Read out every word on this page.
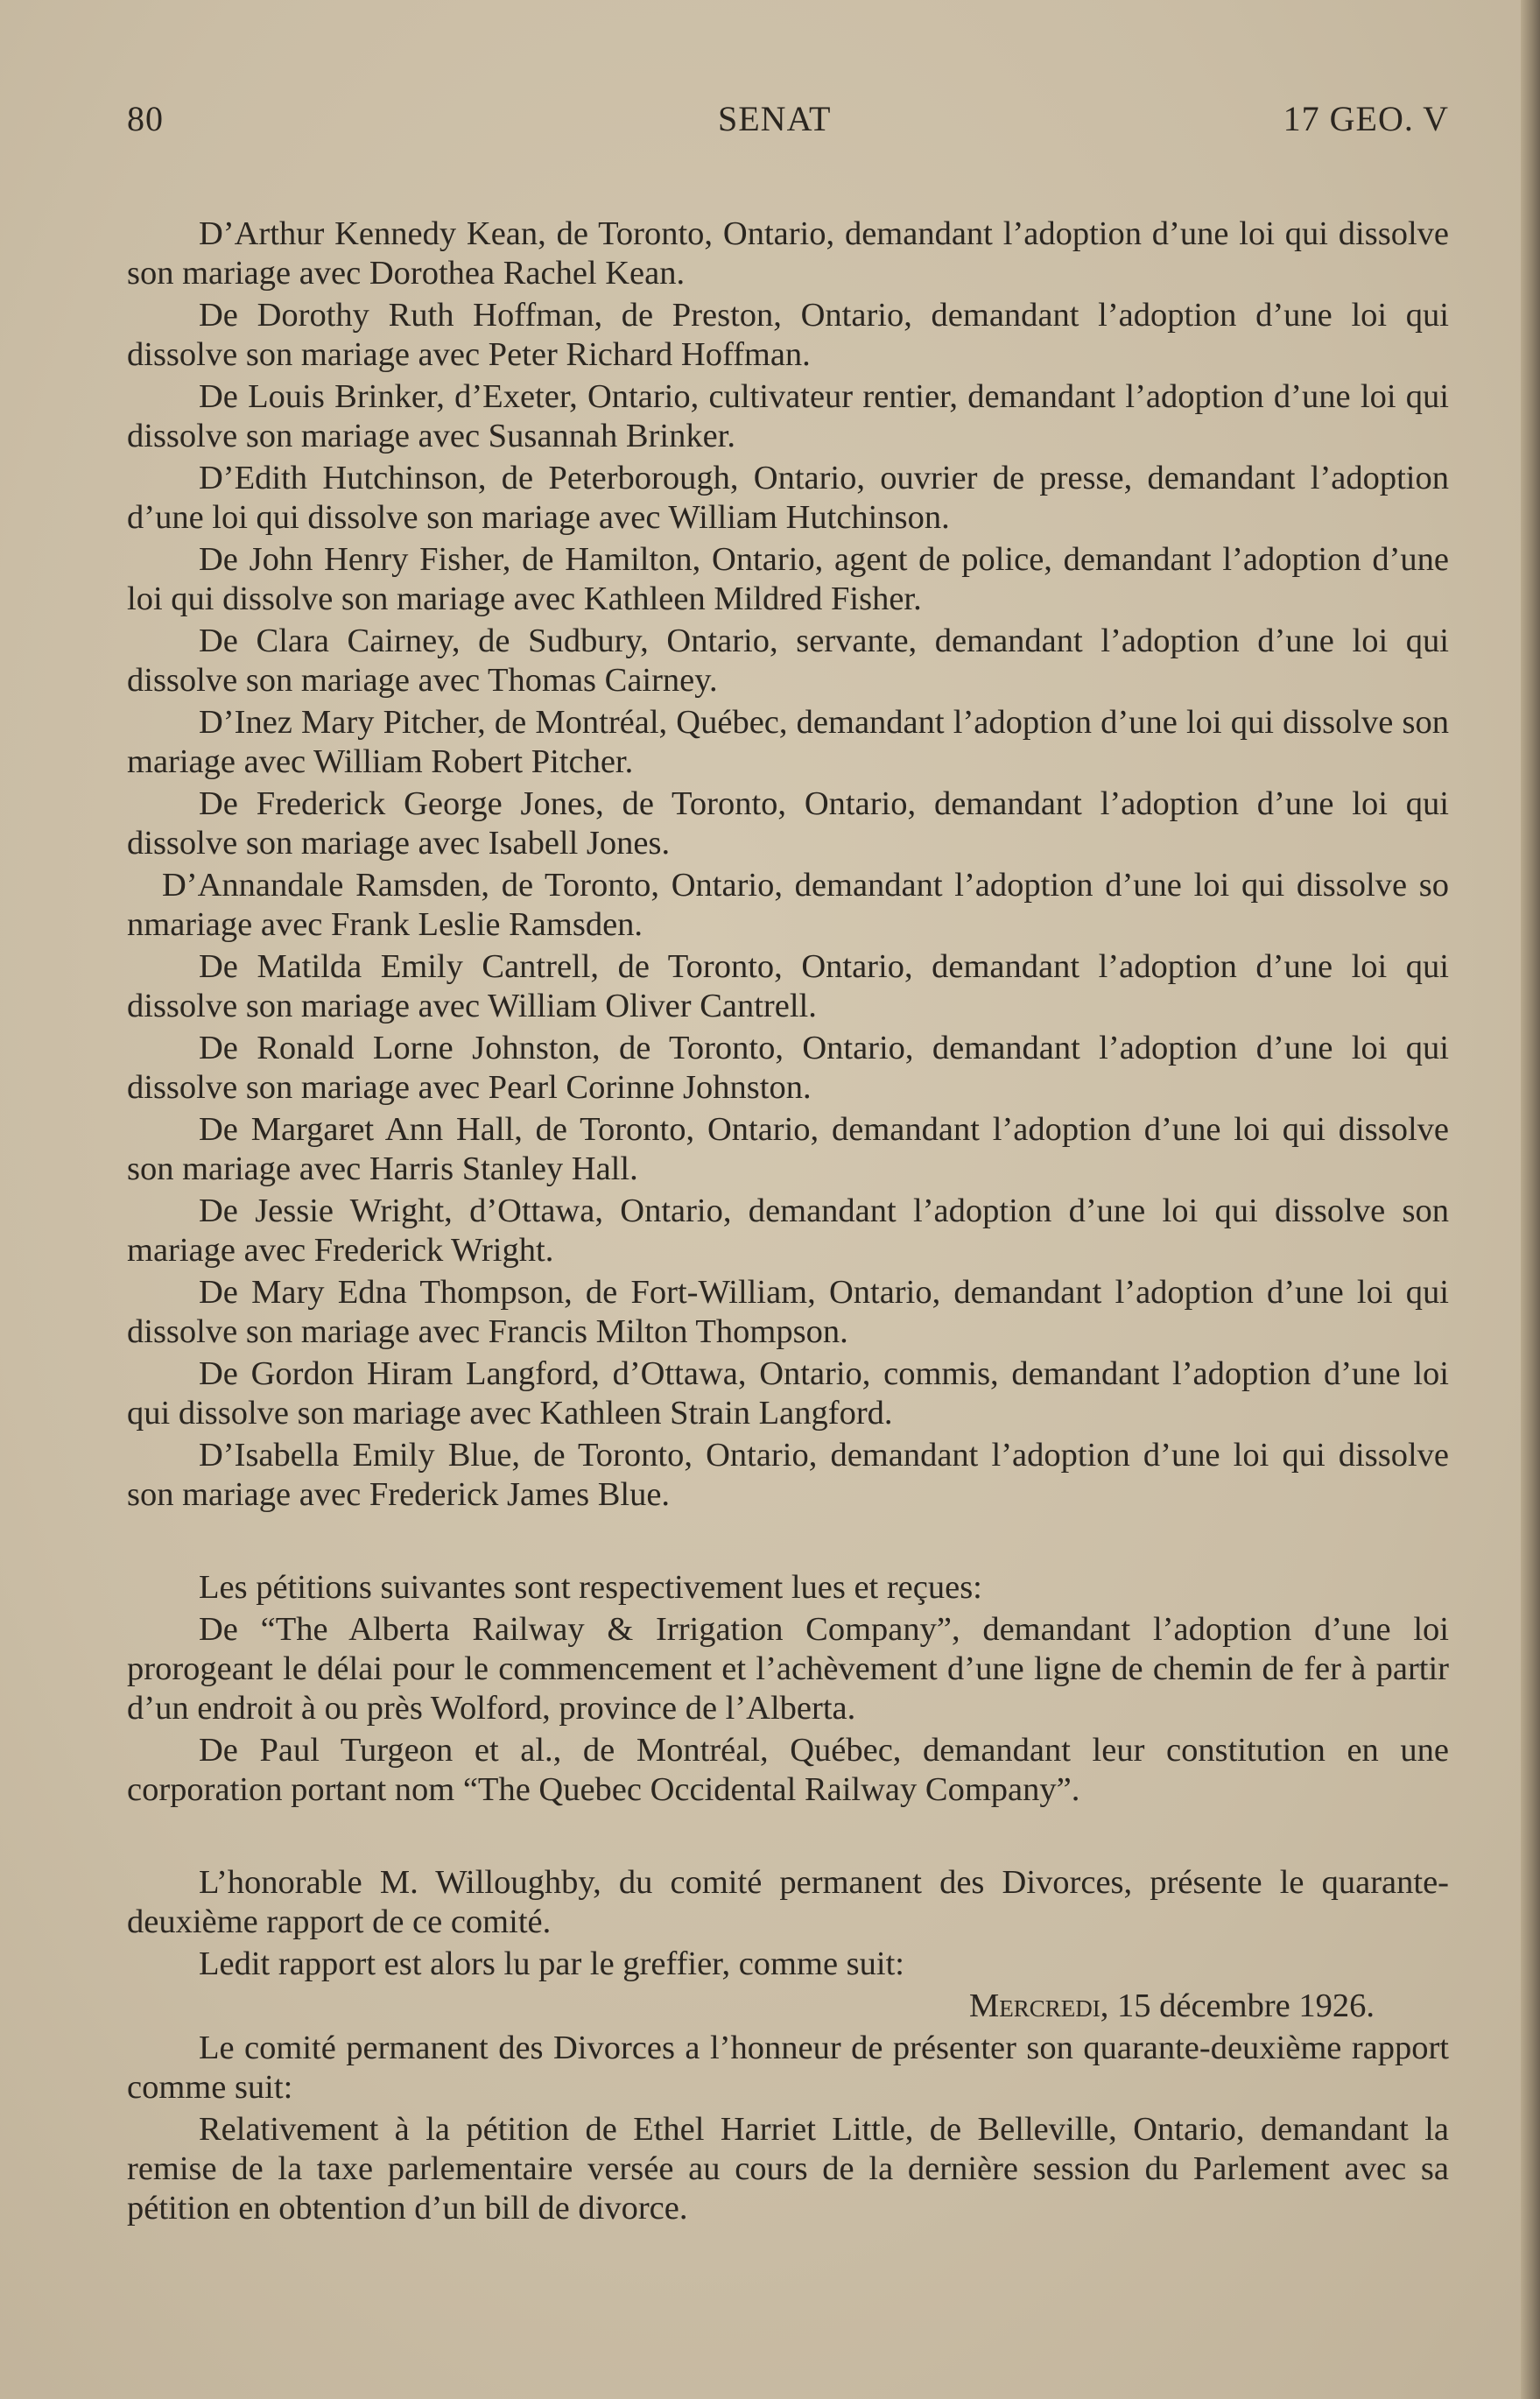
80	SENAT	17 GEO. V

D’Arthur Kennedy Kean, de Toronto, Ontario, demandant l’adoption d’une loi qui dissolve son mariage avec Dorothea Rachel Kean.

De Dorothy Ruth Hoffman, de Preston, Ontario, demandant l’adoption d’une loi qui dissolve son mariage avec Peter Richard Hoffman.

De Louis Brinker, d’Exeter, Ontario, cultivateur rentier, demandant l’adoption d’une loi qui dissolve son mariage avec Susannah Brinker.

D’Edith Hutchinson, de Peterborough, Ontario, ouvrier de presse, demandant l’adoption d’une loi qui dissolve son mariage avec William Hutchinson.

De John Henry Fisher, de Hamilton, Ontario, agent de police, demandant l’adoption d’une loi qui dissolve son mariage avec Kathleen Mildred Fisher.

De Clara Cairney, de Sudbury, Ontario, servante, demandant l’adoption d’une loi qui dissolve son mariage avec Thomas Cairney.

D’Inez Mary Pitcher, de Montréal, Québec, demandant l’adoption d’une loi qui dissolve son mariage avec William Robert Pitcher.

De Frederick George Jones, de Toronto, Ontario, demandant l’adoption d’une loi qui dissolve son mariage avec Isabell Jones.

D’Annandale Ramsden, de Toronto, Ontario, demandant l’adoption d’une loi qui dissolve so nmariage avec Frank Leslie Ramsden.

De Matilda Emily Cantrell, de Toronto, Ontario, demandant l’adoption d’une loi qui dissolve son mariage avec William Oliver Cantrell.

De Ronald Lorne Johnston, de Toronto, Ontario, demandant l’adoption d’une loi qui dissolve son mariage avec Pearl Corinne Johnston.

De Margaret Ann Hall, de Toronto, Ontario, demandant l’adoption d’une loi qui dissolve son mariage avec Harris Stanley Hall.

De Jessie Wright, d’Ottawa, Ontario, demandant l’adoption d’une loi qui dissolve son mariage avec Frederick Wright.

De Mary Edna Thompson, de Fort-William, Ontario, demandant l’adoption d’une loi qui dissolve son mariage avec Francis Milton Thompson.

De Gordon Hiram Langford, d’Ottawa, Ontario, commis, demandant l’adoption d’une loi qui dissolve son mariage avec Kathleen Strain Langford.

D’Isabella Emily Blue, de Toronto, Ontario, demandant l’adoption d’une loi qui dissolve son mariage avec Frederick James Blue.

Les pétitions suivantes sont respectivement lues et reçues:

De “The Alberta Railway & Irrigation Company”, demandant l’adoption d’une loi prorogeant le délai pour le commencement et l’achèvement d’une ligne de chemin de fer à partir d’un endroit à ou près Wolford, province de l’Alberta.

De Paul Turgeon et al., de Montréal, Québec, demandant leur constitution en une corporation portant nom “The Quebec Occidental Railway Company”.

L’honorable M. Willoughby, du comité permanent des Divorces, présente le quarante-deuxième rapport de ce comité.

Ledit rapport est alors lu par le greffier, comme suit:

Mercredi, 15 décembre 1926.

Le comité permanent des Divorces a l’honneur de présenter son quarante-deuxième rapport comme suit:

Relativement à la pétition de Ethel Harriet Little, de Belleville, Ontario, demandant la remise de la taxe parlementaire versée au cours de la dernière session du Parlement avec sa pétition en obtention d’un bill de divorce.
